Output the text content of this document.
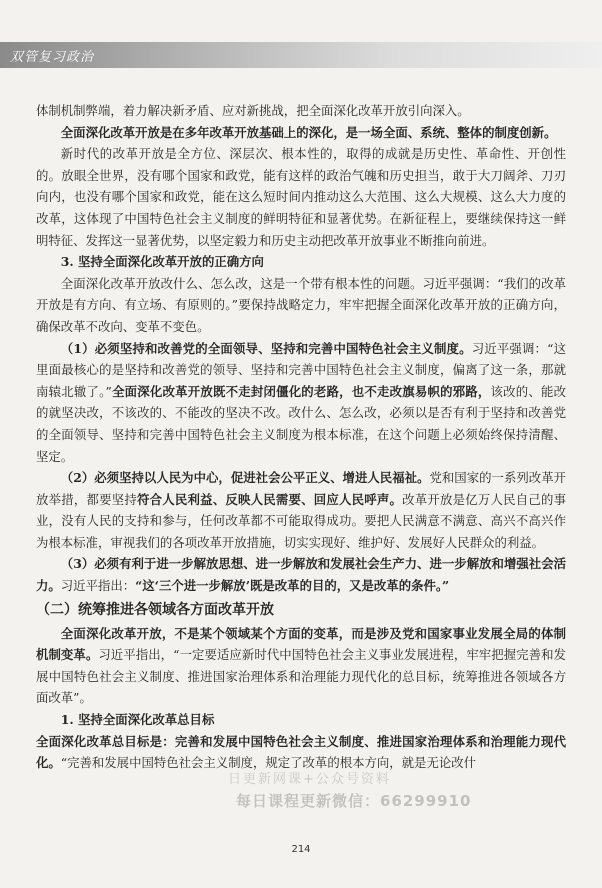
双管复习政治

体制机制弊端，着力解决新矛盾、应对新挑战，把全面深化改革开放引向深入。

全面深化改革开放是在多年改革开放基础上的深化，是一场全面、系统、整体的制度创新。

新时代的改革开放是全方位、深层次、根本性的，取得的成就是历史性、革命性、开创性的。放眼全世界，没有哪个国家和政党，能有这样的政治气魄和历史担当，敢于大刀阔斧、刀刃向内，也没有哪个国家和政党，能在这么短时间内推动这么大范围、这么大规模、这么大力度的改革，这体现了中国特色社会主义制度的鲜明特征和显著优势。在新征程上，要继续保持这一鲜明特征、发挥这一显著优势，以坚定毅力和历史主动把改革开放事业不断推向前进。

3. 坚持全面深化改革开放的正确方向

全面深化改革开放改什么、怎么改，这是一个带有根本性的问题。习近平强调：“我们的改革开放是有方向、有立场、有原则的。”要保持战略定力，牢牢把握全面深化改革开放的正确方向，确保改革不改向、变革不变色。

（1）必须坚持和改善党的全面领导、坚持和完善中国特色社会主义制度。习近平强调：“这里面最核心的是坚持和改善党的领导、坚持和完善中国特色社会主义制度，偏离了这一条，那就南辕北辙了。”全面深化改革开放既不走封闭僵化的老路，也不走改旗易帜的邪路，该改的、能改的就坚决改，不该改的、不能改的坚决不改。改什么、怎么改，必须以是否有利于坚持和改善党的全面领导、坚持和完善中国特色社会主义制度为根本标准，在这个问题上必须始终保持清醒、坚定。

（2）必须坚持以人民为中心，促进社会公平正义、增进人民福祉。党和国家的一系列改革开放举措，都要坚持符合人民利益、反映人民需要、回应人民呼声。改革开放是亿万人民自己的事业，没有人民的支持和参与，任何改革都不可能取得成功。要把人民满意不满意、高兴不高兴作为根本标准，审视我们的各项改革开放措施，切实实现好、维护好、发展好人民群众的利益。

（3）必须有利于进一步解放思想、进一步解放和发展社会生产力、进一步解放和增强社会活力。习近平指出：“这‘三个进一步解放’既是改革的目的，又是改革的条件。”

（二）统筹推进各领域各方面改革开放

全面深化改革开放，不是某个领域某个方面的变革，而是涉及党和国家事业发展全局的体制机制变革。习近平指出，“一定要适应新时代中国特色社会主义事业发展进程，牢牢把握完善和发展中国特色社会主义制度、推进国家治理体系和治理能力现代化的总目标，统筹推进各领域各方面改革”。

1. 坚持全面深化改革总目标

全面深化改革总目标是：完善和发展中国特色社会主义制度、推进国家治理体系和治理能力现代化。“完善和发展中国特色社会主义制度，规定了改革的根本方向，就是无论改什

日更新网课+公众号资料
每日课程更新微信：66299910
214
